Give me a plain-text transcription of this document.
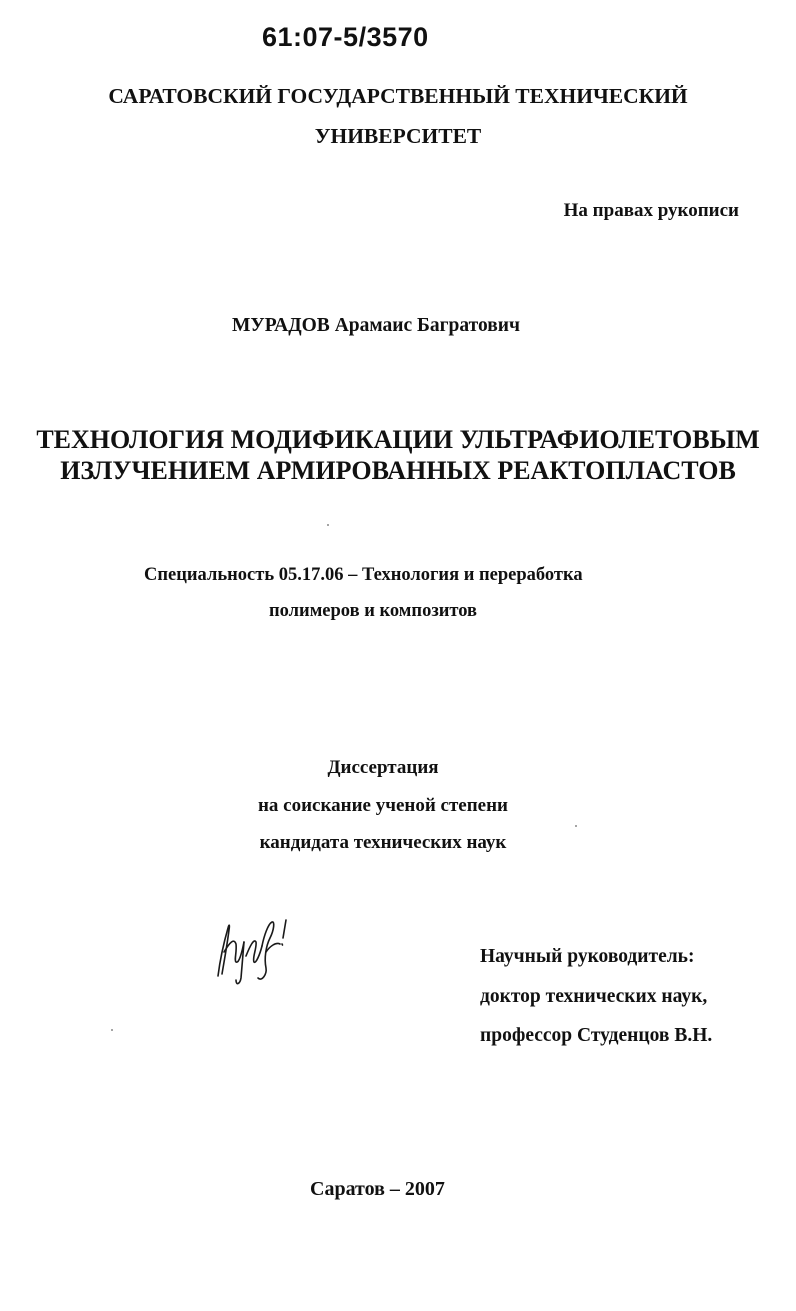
61:07-5/3570
САРАТОВСКИЙ ГОСУДАРСТВЕННЫЙ ТЕХНИЧЕСКИЙ
УНИВЕРСИТЕТ
На правах рукописи
МУРАДОВ Арамаис Багратович
ТЕХНОЛОГИЯ МОДИФИКАЦИИ УЛЬТРАФИОЛЕТОВЫМ
ИЗЛУЧЕНИЕМ АРМИРОВАННЫХ РЕАКТОПЛАСТОВ
Специальность 05.17.06 – Технология и переработка
полимеров и композитов
Диссертация
на соискание ученой степени
кандидата технических наук
Научный руководитель:
доктор технических наук,
профессор Студенцов В.Н.
Саратов – 2007
